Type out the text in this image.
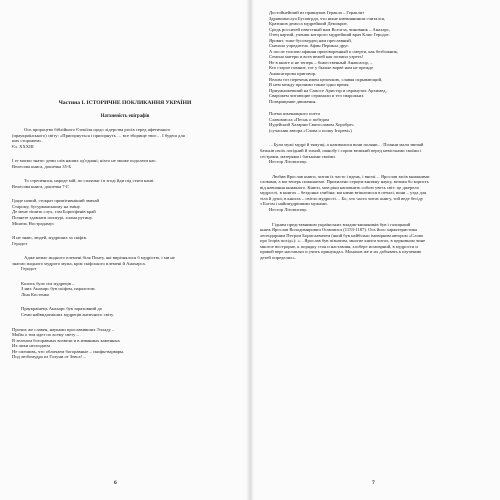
Частина I. ІСТОРИЧНЕ ПОКЛИКАННЯ УКРАЇНИ
Натхненість епіграфів
Ось пророцтво біблійного Єзекіїля щодо лідерства росів серед яфетичного
(праукраїнського) світу: «Пригорнуться і пригорнуть … все зборище твоє… І будеш для
них сторожем».
Єз. XXXIII
І ге маємо знати: деми слів наших од'єднані, ніхто не зможе подолати нас.
Велесова книга, дошечка 35-Б
То стрепенися, народе мій, по сплячки і в згоді йди під стяги наші.
Велесова книга, дошечка 7-Г.
Грядe новий, стократ примітивніший звичай
Старому, бусурманському на зміну.
Де мене тішить слух, там Борисфенів край
Почнете здавлати похмурі, хлама рутину.
Мішель Нострадамус
Я не знаю, людей, мудріших за скіфів.
Геродот
Адже немає жодного племені біля Понту, які вирізнялося б мудрістю, і ми не
знаємо жодного мудрого мужа, крім скіфського племені й Анахарса.
Геродот
Колись було сім мудреців –
З них Анахарс був скіфом, паралотом.
Ліна Костенко
Праукраїнець Анахарс був зараховний до
Семи найвидатніших мудреців античного світу.
Прочих же славен, науками прославивших Элладу –
Мойм о том идет по всему свету –
В зеленом богоравных возвели и в изванных каменных
Их лики несподаєм
Не смешивь, что обличаем богоравные – скифы-варвары.
Под любомудра из Голуни от Зевса! –
6
Достойнейший из правнуков Геракла – Гераклит
Здравомыслуа Бусовгрда, что ныне кмевиянином считался,
Кратинов демоса мудрейший Демокрит,
Средь россичей известный нам Вселгза, чиновник – Анахарс,
Отец картий, ученик которого мудрейший врач Клио Геродот.
Яровит, тоже бусовгрдец нам преславный,
Сначала учредитель Афин Перикла друг.
А после толпою афинян приговоренный к смерти, как безбожник,
Семона матери и всех вежей как поэмил узреть!
Не в книге и не теперь – божественный Анаксагор, –
Кто старое помнит, тот у былые ворвё нам не прежде
Анаксагорова приговор.
Велим тот перечень имен цепочкою, славяя скрывающий,
В нем между прочими также одно время
Приумножевший на Самосе Аристэр и сврамузих Архимед,
Сварожем читающие сержмали и тел сварожьих
Позвращение движенья.
Поема язычницкого поета
Славомисла «Песнь о победам
Иудейской Хазарии Святославом Хоробре»
(сучасник автора «Слова о полку Ігореві»)
…Були мужі мудрі й тямущі, а називалися вони поляни… Поляни мали звичай
батьків своїх лагідний й тихий, шанобу і сором великий перед невістками своїми і
сестрами, матерями і батьками своїми.
Нестор Літописець
Любив Ярослав книги, читав їх часто і вдень, і вночі… Ярослав засів книжними
словами, а ми теперь пожинаємо. Прихилено серцем книжну науку, велика бо користь
від навчання книжного. Книги, мов ріки наповнить собою увесь світ: це джерело
мудрості, в книгах – бездонна глибіна; ми ними втішаємося в печалі, вони – узда для
тіла й душі, в книгах – світло мудрості… Бо, хто часто читає книгу, той веде бесіду
з Богом і найомудрішими мужами.
Нестор Літописець
Гідним представником українських владик-книжників був і галицький
князь Ярослав Володимирович Осмомисл (1153-1187). Ось його характеристика
легендарним Петром Бориславичем (який був найбільш імовірним автором «Слово
про Ігорів похід»): «…Ярослав був пізнатим, многие книги читал, в церковном чине
многое вострорне, к порядку стоя и наставляя, злобере исмоврний, в мудрости и
правой вере наставлял и учить принуждал. Монахов же и их добывать к изучению
детей определил».
7
